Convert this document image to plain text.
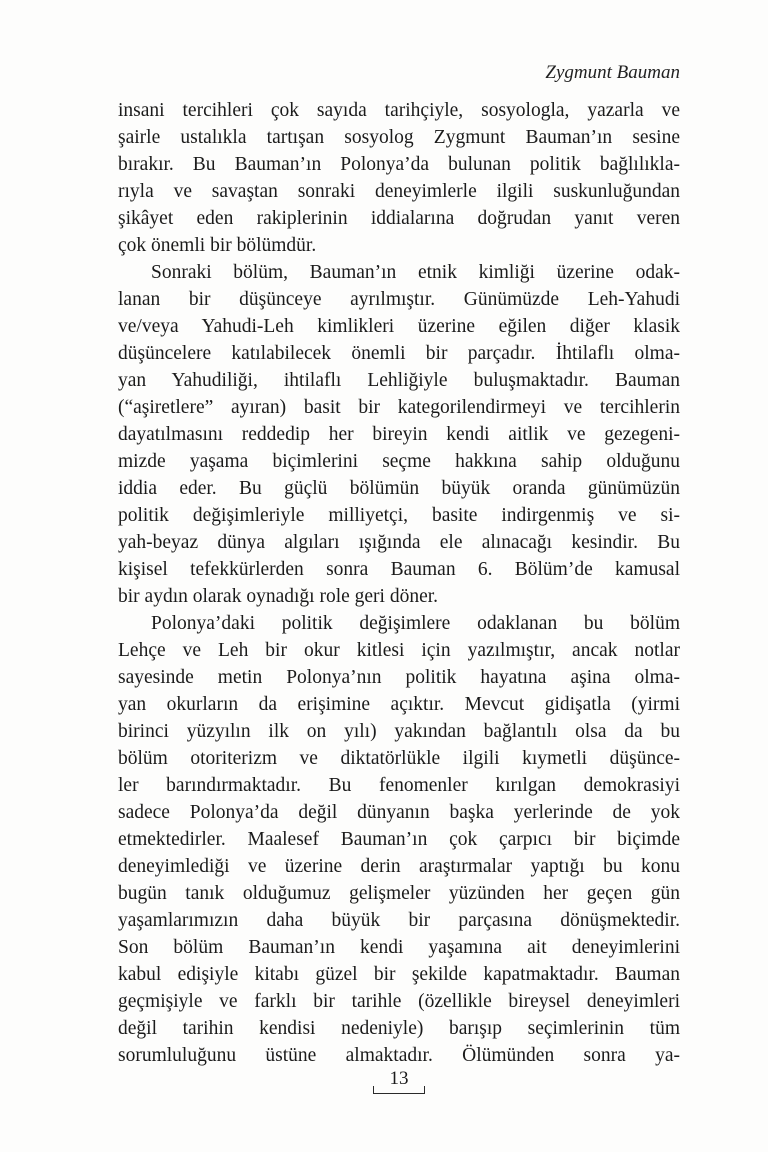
Zygmunt Bauman
insani tercihleri çok sayıda tarihçiyle, sosyologla, yazarla ve
şairle ustalıkla tartışan sosyolog Zygmunt Bauman’ın sesine
bırakır. Bu Bauman’ın Polonya’da bulunan politik bağlılıkla-
rıyla ve savaştan sonraki deneyimlerle ilgili suskunluğundan
şikâyet eden rakiplerinin iddialarına doğrudan yanıt veren
çok önemli bir bölümdür.
Sonraki bölüm, Bauman’ın etnik kimliği üzerine odak-
lanan bir düşünceye ayrılmıştır. Günümüzde Leh-Yahudi
ve/veya Yahudi-Leh kimlikleri üzerine eğilen diğer klasik
düşüncelere katılabilecek önemli bir parçadır. İhtilaflı olma-
yan Yahudiliği, ihtilaflı Lehliğiyle buluşmaktadır. Bauman
(“aşiretlere” ayıran) basit bir kategorilendirmeyi ve tercihlerin
dayatılmasını reddedip her bireyin kendi aitlik ve gezegeni-
mizde yaşama biçimlerini seçme hakkına sahip olduğunu
iddia eder. Bu güçlü bölümün büyük oranda günümüzün
politik değişimleriyle milliyetçi, basite indirgenmiş ve si-
yah-beyaz dünya algıları ışığında ele alınacağı kesindir. Bu
kişisel tefekkürlerden sonra Bauman 6. Bölüm’de kamusal
bir aydın olarak oynadığı role geri döner.
Polonya’daki politik değişimlere odaklanan bu bölüm
Lehçe ve Leh bir okur kitlesi için yazılmıştır, ancak notlar
sayesinde metin Polonya’nın politik hayatına aşina olma-
yan okurların da erişimine açıktır. Mevcut gidişatla (yirmi
birinci yüzyılın ilk on yılı) yakından bağlantılı olsa da bu
bölüm otoriterizm ve diktatörlükle ilgili kıymetli düşünce-
ler barındırmaktadır. Bu fenomenler kırılgan demokrasiyi
sadece Polonya’da değil dünyanın başka yerlerinde de yok
etmektedirler. Maalesef Bauman’ın çok çarpıcı bir biçimde
deneyimlediği ve üzerine derin araştırmalar yaptığı bu konu
bugün tanık olduğumuz gelişmeler yüzünden her geçen gün
yaşamlarımızın daha büyük bir parçasına dönüşmektedir.
Son bölüm Bauman’ın kendi yaşamına ait deneyimlerini
kabul edişiyle kitabı güzel bir şekilde kapatmaktadır. Bauman
geçmişiyle ve farklı bir tarihle (özellikle bireysel deneyimleri
değil tarihin kendisi nedeniyle) barışıp seçimlerinin tüm
sorumluluğunu üstüne almaktadır. Ölümünden sonra ya-
13
